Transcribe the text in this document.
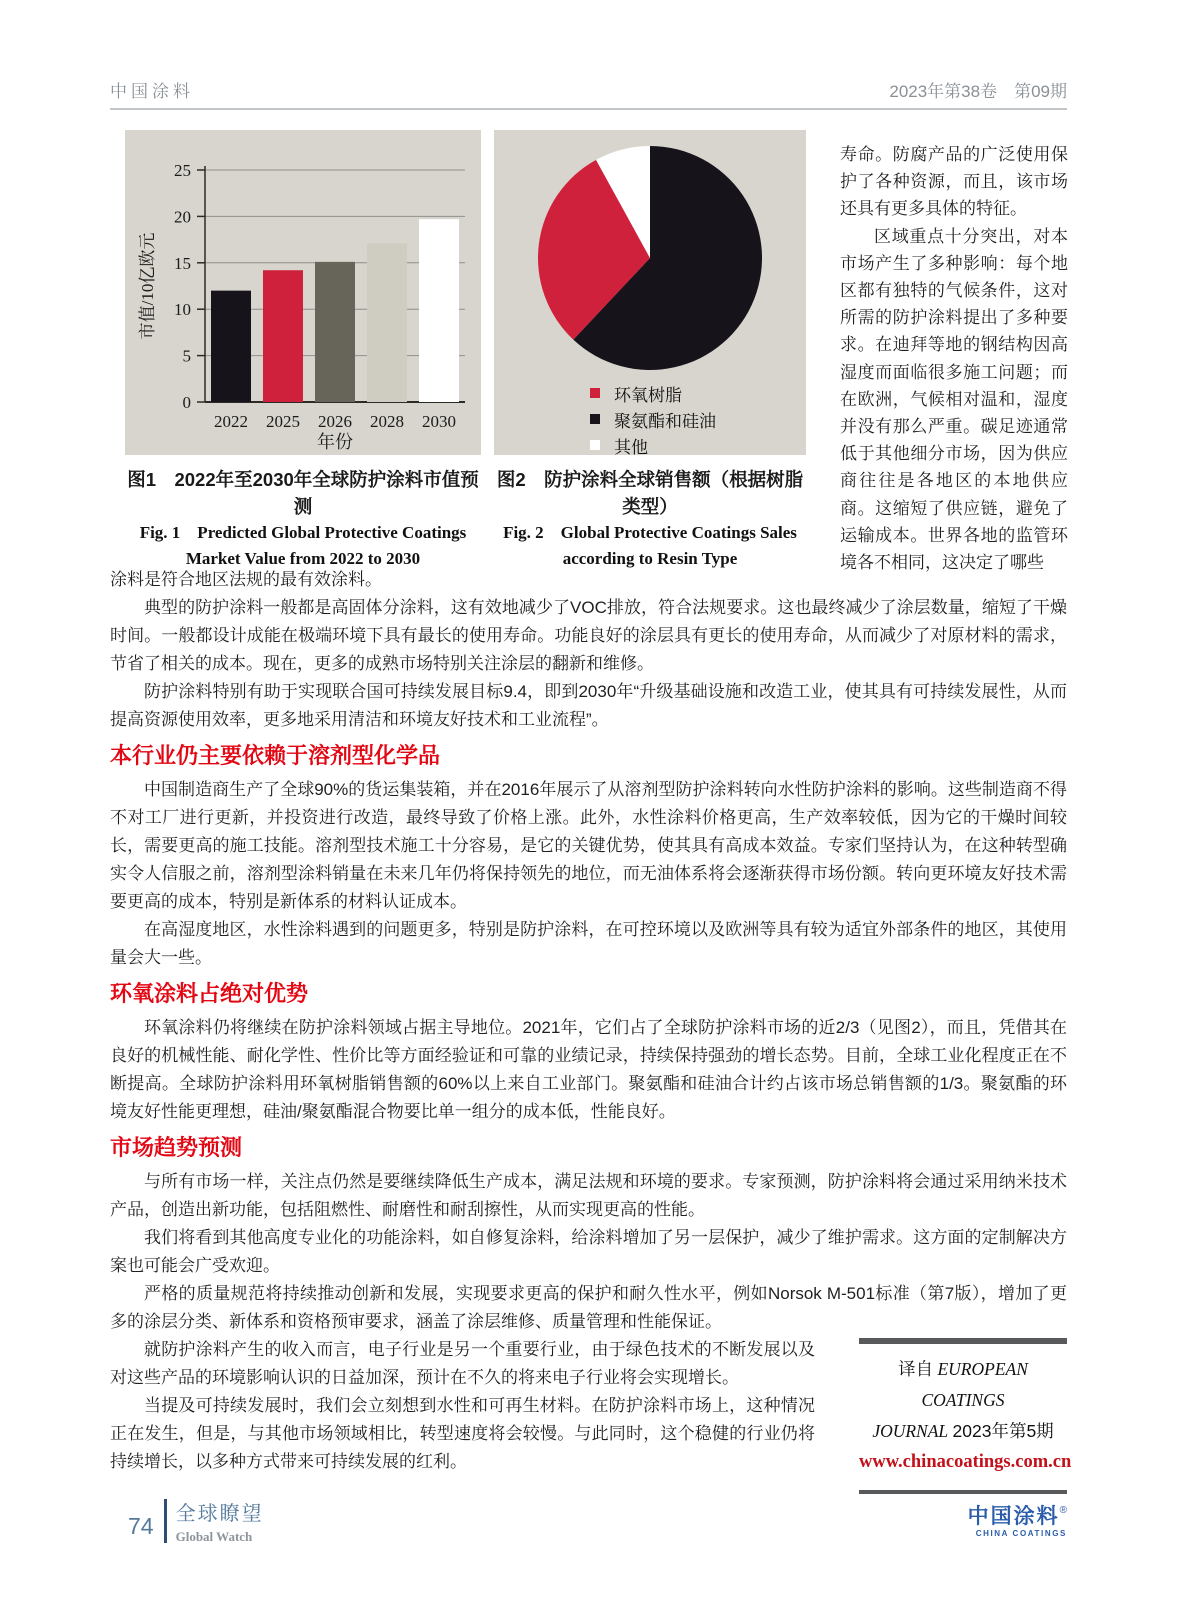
中国涂料	2023年第38卷　第09期
0
5
10
15
20
25
2022 2025 2026 2028 2030
市值/10亿欧元
年份
图1　2022年至2030年全球防护涂料市值预测
Fig. 1　Predicted Global Protective Coatings
Market Value from 2022 to 2030
环氧树脂
聚氨酯和硅油
其他
图2　防护涂料全球销售额（根据树脂类型）
Fig. 2　Global Protective Coatings Sales
according to Resin Type

寿命。防腐产品的广泛使用保护了各种资源，而且，该市场还具有更多具体的特征。

区域重点十分突出，对本市场产生了多种影响：每个地区都有独特的气候条件，这对所需的防护涂料提出了多种要求。在迪拜等地的钢结构因高湿度而面临很多施工问题；而在欧洲，气候相对温和，湿度并没有那么严重。碳足迹通常低于其他细分市场，因为供应商往往是各地区的本地供应商。这缩短了供应链，避免了运输成本。世界各地的监管环境各不相同，这决定了哪些

涂料是符合地区法规的最有效涂料。

典型的防护涂料一般都是高固体分涂料，这有效地减少了VOC排放，符合法规要求。这也最终减少了涂层数量，缩短了干燥时间。一般都设计成能在极端环境下具有最长的使用寿命。功能良好的涂层具有更长的使用寿命，从而减少了对原材料的需求，节省了相关的成本。现在，更多的成熟市场特别关注涂层的翻新和维修。

防护涂料特别有助于实现联合国可持续发展目标9.4，即到2030年“升级基础设施和改造工业，使其具有可持续发展性，从而提高资源使用效率，更多地采用清洁和环境友好技术和工业流程”。

本行业仍主要依赖于溶剂型化学品

中国制造商生产了全球90%的货运集装箱，并在2016年展示了从溶剂型防护涂料转向水性防护涂料的影响。这些制造商不得不对工厂进行更新，并投资进行改造，最终导致了价格上涨。此外，水性涂料价格更高，生产效率较低，因为它的干燥时间较长，需要更高的施工技能。溶剂型技术施工十分容易，是它的关键优势，使其具有高成本效益。专家们坚持认为，在这种转型确实令人信服之前，溶剂型涂料销量在未来几年仍将保持领先的地位，而无油体系将会逐渐获得市场份额。转向更环境友好技术需要更高的成本，特别是新体系的材料认证成本。

在高湿度地区，水性涂料遇到的问题更多，特别是防护涂料，在可控环境以及欧洲等具有较为适宜外部条件的地区，其使用量会大一些。

环氧涂料占绝对优势

环氧涂料仍将继续在防护涂料领域占据主导地位。2021年，它们占了全球防护涂料市场的近2/3（见图2），而且，凭借其在良好的机械性能、耐化学性、性价比等方面经验证和可靠的业绩记录，持续保持强劲的增长态势。目前，全球工业化程度正在不断提高。全球防护涂料用环氧树脂销售额的60%以上来自工业部门。聚氨酯和硅油合计约占该市场总销售额的1/3。聚氨酯的环境友好性能更理想，硅油/聚氨酯混合物要比单一组分的成本低，性能良好。

市场趋势预测

与所有市场一样，关注点仍然是要继续降低生产成本，满足法规和环境的要求。专家预测，防护涂料将会通过采用纳米技术产品，创造出新功能，包括阻燃性、耐磨性和耐刮擦性，从而实现更高的性能。

我们将看到其他高度专业化的功能涂料，如自修复涂料，给涂料增加了另一层保护，减少了维护需求。这方面的定制解决方案也可能会广受欢迎。

严格的质量规范将持续推动创新和发展，实现要求更高的保护和耐久性水平，例如Norsok M-501标准（第7版），增加了更多的涂层分类、新体系和资格预审要求，涵盖了涂层维修、质量管理和性能保证。

译自 EUROPEAN COATINGS
JOURNAL 2023年第5期
www.chinacoatings.com.cn
中国涂料®
CHINA COATINGS

就防护涂料产生的收入而言，电子行业是另一个重要行业，由于绿色技术的不断发展以及对这些产品的环境影响认识的日益加深，预计在不久的将来电子行业将会实现增长。

当提及可持续发展时，我们会立刻想到水性和可再生材料。在防护涂料市场上，这种情况正在发生，但是，与其他市场领域相比，转型速度将会较慢。与此同时，这个稳健的行业仍将持续增长，以多种方式带来可持续发展的红利。

74 全球瞭望
Global Watch
